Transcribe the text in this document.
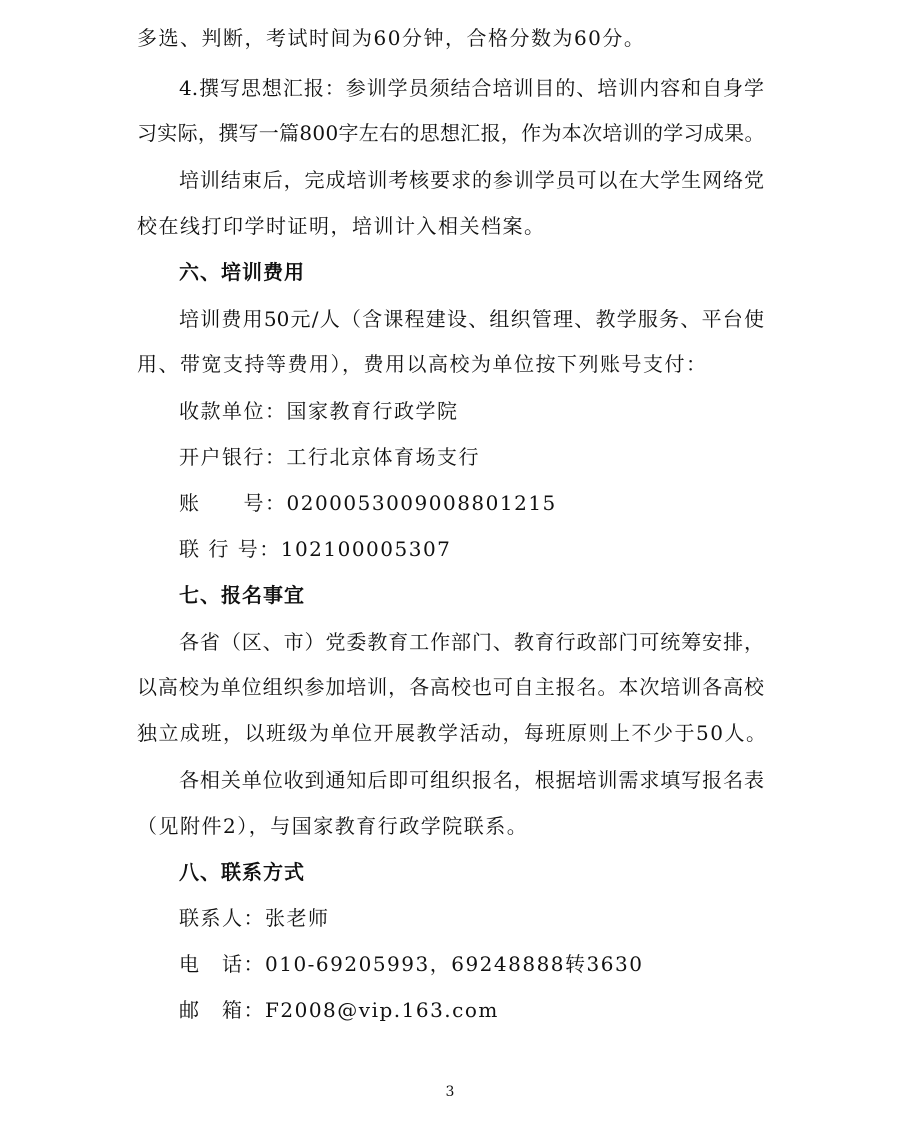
多选、判断，考试时间为60分钟，合格分数为60分。

4.撰写思想汇报：参训学员须结合培训目的、培训内容和自身学

习实际，撰写一篇800字左右的思想汇报，作为本次培训的学习成果。

培训结束后，完成培训考核要求的参训学员可以在大学生网络党

校在线打印学时证明，培训计入相关档案。

六、培训费用

培训费用50元/人（含课程建设、组织管理、教学服务、平台使

用、带宽支持等费用），费用以高校为单位按下列账号支付：

收款单位：国家教育行政学院

开户银行：工行北京体育场支行

账　　号：0200053009008801215

联 行 号：102100005307

七、报名事宜

各省（区、市）党委教育工作部门、教育行政部门可统筹安排，

以高校为单位组织参加培训，各高校也可自主报名。本次培训各高校

独立成班，以班级为单位开展教学活动，每班原则上不少于50人。

各相关单位收到通知后即可组织报名，根据培训需求填写报名表

（见附件2），与国家教育行政学院联系。

八、联系方式

联系人：张老师

电　话：010-69205993，69248888转3630

邮　箱：F2008@vip.163.com

3
